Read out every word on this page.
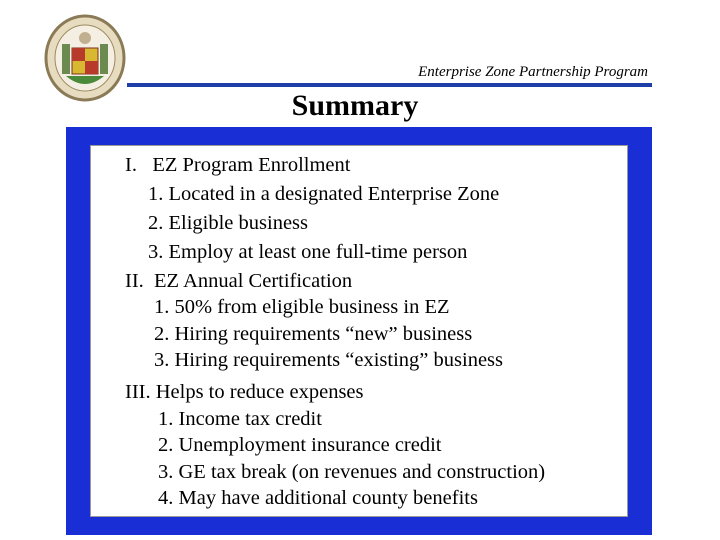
Enterprise Zone Partnership Program
Summary
I.   EZ Program Enrollment
1. Located in a designated Enterprise Zone
2. Eligible business
3. Employ at least one full-time person
II.  EZ Annual Certification
1. 50% from eligible business in EZ
2. Hiring requirements “new” business
3. Hiring requirements “existing” business
III. Helps to reduce expenses
1. Income tax credit
2. Unemployment insurance credit
3. GE tax break (on revenues and construction)
4. May have additional county benefits
